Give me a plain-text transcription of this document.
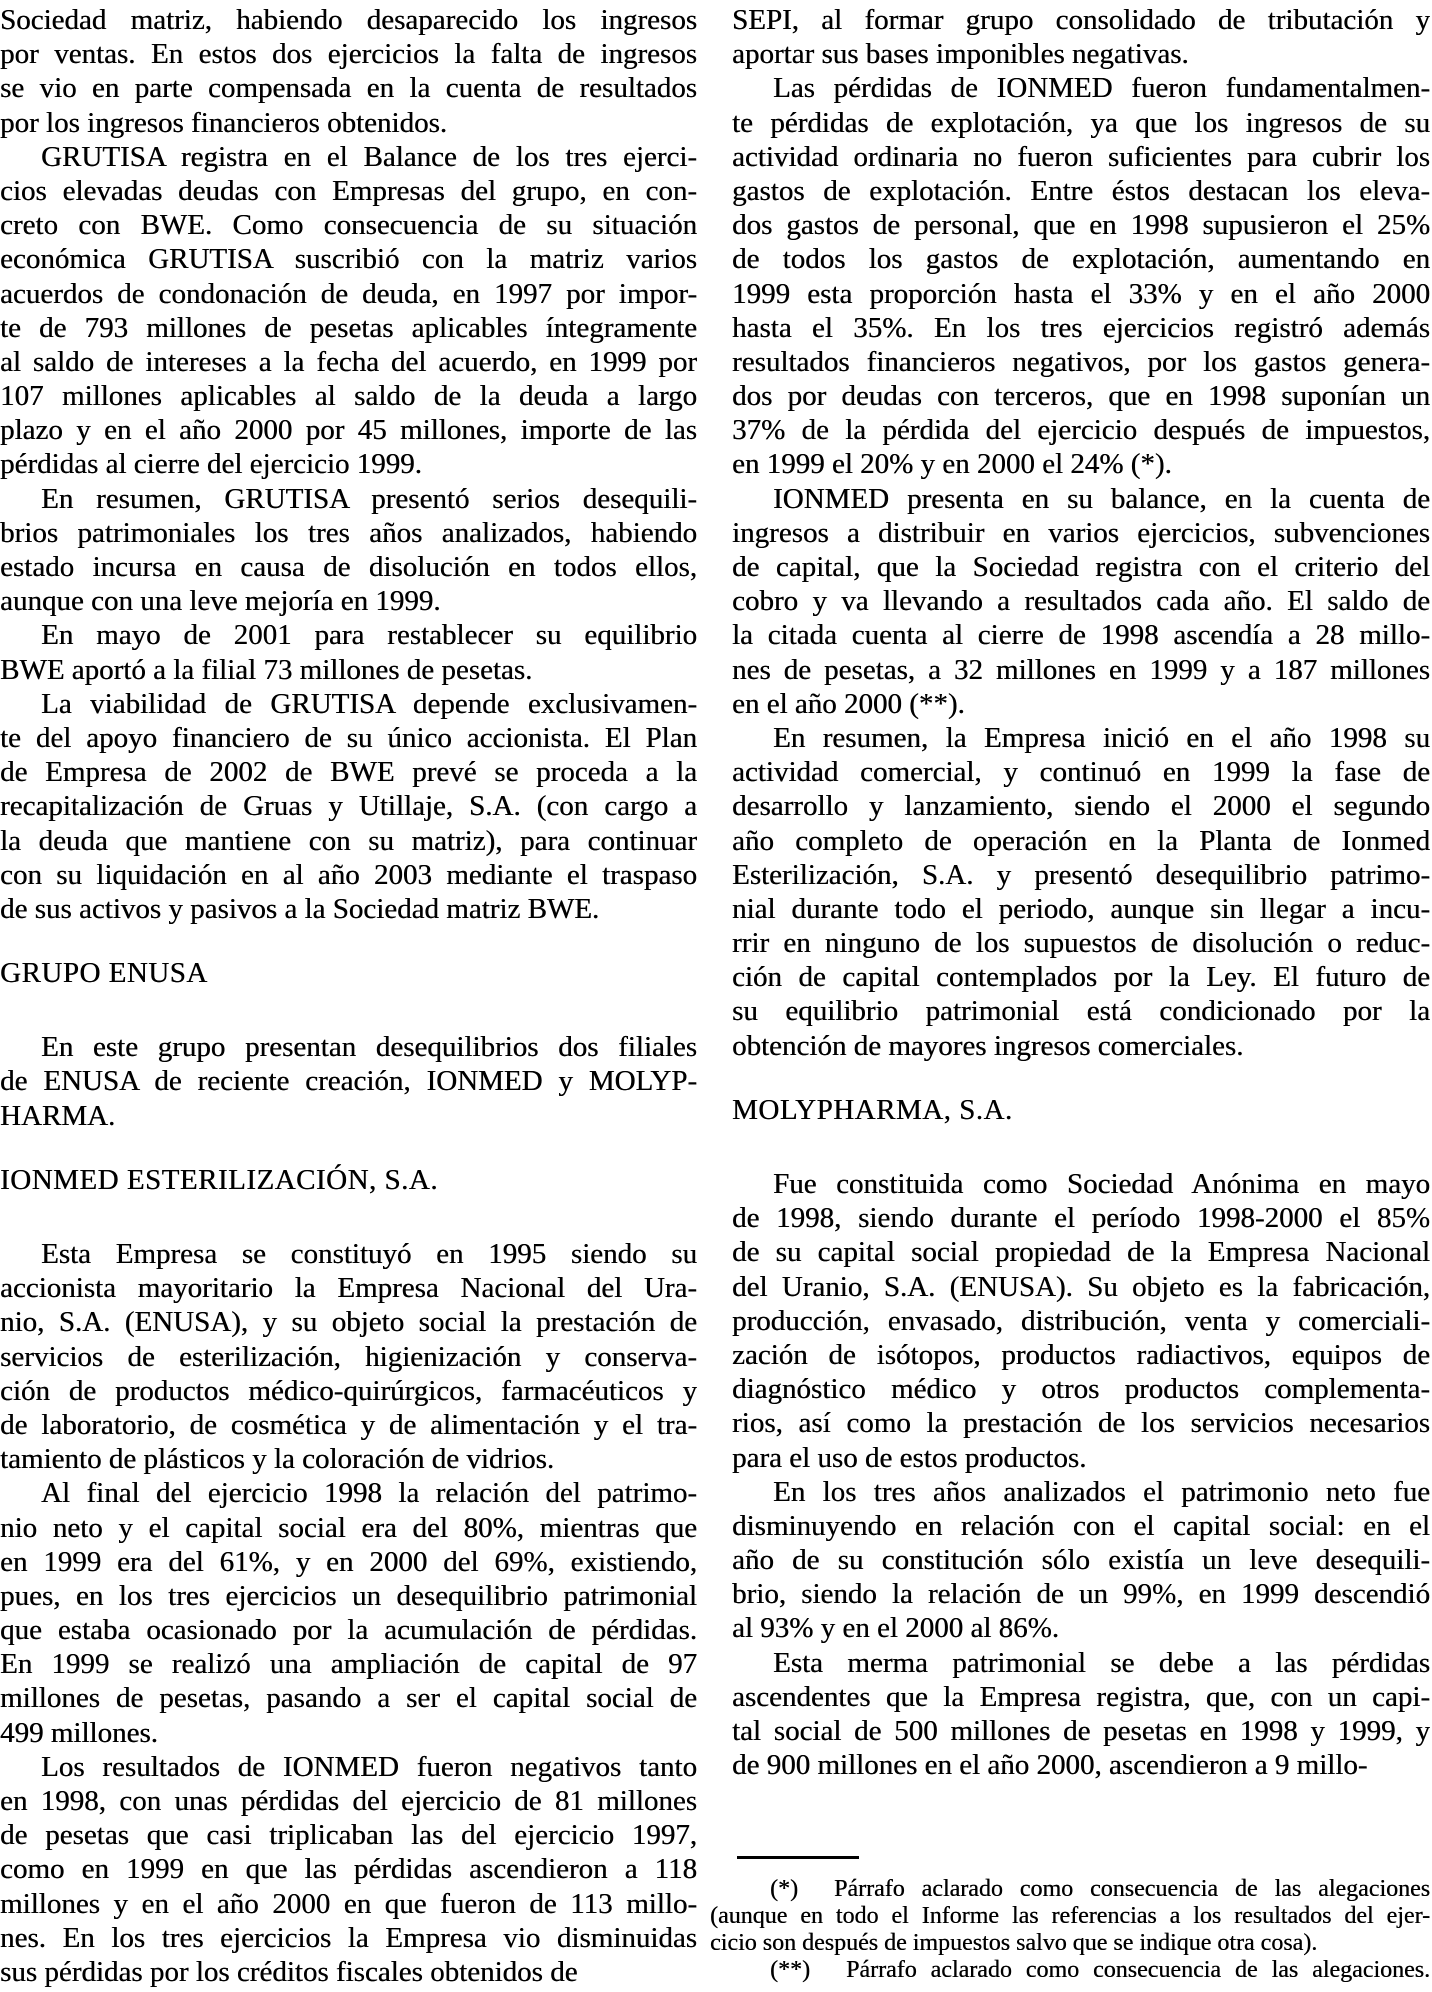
Sociedad matriz, habiendo desaparecido los ingresos
por ventas. En estos dos ejercicios la falta de ingresos
se vio en parte compensada en la cuenta de resultados
por los ingresos financieros obtenidos.
GRUTISA registra en el Balance de los tres ejerci-
cios elevadas deudas con Empresas del grupo, en con-
creto con BWE. Como consecuencia de su situación
económica GRUTISA suscribió con la matriz varios
acuerdos de condonación de deuda, en 1997 por impor-
te de 793 millones de pesetas aplicables íntegramente
al saldo de intereses a la fecha del acuerdo, en 1999 por
107 millones aplicables al saldo de la deuda a largo
plazo y en el año 2000 por 45 millones, importe de las
pérdidas al cierre del ejercicio 1999.
En resumen, GRUTISA presentó serios desequili-
brios patrimoniales los tres años analizados, habiendo
estado incursa en causa de disolución en todos ellos,
aunque con una leve mejoría en 1999.
En mayo de 2001 para restablecer su equilibrio
BWE aportó a la filial 73 millones de pesetas.
La viabilidad de GRUTISA depende exclusivamen-
te del apoyo financiero de su único accionista. El Plan
de Empresa de 2002 de BWE prevé se proceda a la
recapitalización de Gruas y Utillaje, S.A. (con cargo a
la deuda que mantiene con su matriz), para continuar
con su liquidación en al año 2003 mediante el traspaso
de sus activos y pasivos a la Sociedad matriz BWE.
GRUPO ENUSA
En este grupo presentan desequilibrios dos filiales
de ENUSA de reciente creación, IONMED y MOLYP-
HARMA.
IONMED ESTERILIZACIÓN, S.A.
Esta Empresa se constituyó en 1995 siendo su
accionista mayoritario la Empresa Nacional del Ura-
nio, S.A. (ENUSA), y su objeto social la prestación de
servicios de esterilización, higienización y conserva-
ción de productos médico-quirúrgicos, farmacéuticos y
de laboratorio, de cosmética y de alimentación y el tra-
tamiento de plásticos y la coloración de vidrios.
Al final del ejercicio 1998 la relación del patrimo-
nio neto y el capital social era del 80%, mientras que
en 1999 era del 61%, y en 2000 del 69%, existiendo,
pues, en los tres ejercicios un desequilibrio patrimonial
que estaba ocasionado por la acumulación de pérdidas.
En 1999 se realizó una ampliación de capital de 97
millones de pesetas, pasando a ser el capital social de
499 millones.
Los resultados de IONMED fueron negativos tanto
en 1998, con unas pérdidas del ejercicio de 81 millones
de pesetas que casi triplicaban las del ejercicio 1997,
como en 1999 en que las pérdidas ascendieron a 118
millones y en el año 2000 en que fueron de 113 millo-
nes. En los tres ejercicios la Empresa vio disminuidas
sus pérdidas por los créditos fiscales obtenidos de
SEPI, al formar grupo consolidado de tributación y
aportar sus bases imponibles negativas.
Las pérdidas de IONMED fueron fundamentalmen-
te pérdidas de explotación, ya que los ingresos de su
actividad ordinaria no fueron suficientes para cubrir los
gastos de explotación. Entre éstos destacan los eleva-
dos gastos de personal, que en 1998 supusieron el 25%
de todos los gastos de explotación, aumentando en
1999 esta proporción hasta el 33% y en el año 2000
hasta el 35%. En los tres ejercicios registró además
resultados financieros negativos, por los gastos genera-
dos por deudas con terceros, que en 1998 suponían un
37% de la pérdida del ejercicio después de impuestos,
en 1999 el 20% y en 2000 el 24% (*).
IONMED presenta en su balance, en la cuenta de
ingresos a distribuir en varios ejercicios, subvenciones
de capital, que la Sociedad registra con el criterio del
cobro y va llevando a resultados cada año. El saldo de
la citada cuenta al cierre de 1998 ascendía a 28 millo-
nes de pesetas, a 32 millones en 1999 y a 187 millones
en el año 2000 (**).
En resumen, la Empresa inició en el año 1998 su
actividad comercial, y continuó en 1999 la fase de
desarrollo y lanzamiento, siendo el 2000 el segundo
año completo de operación en la Planta de Ionmed
Esterilización, S.A. y presentó desequilibrio patrimo-
nial durante todo el periodo, aunque sin llegar a incu-
rrir en ninguno de los supuestos de disolución o reduc-
ción de capital contemplados por la Ley. El futuro de
su equilibrio patrimonial está condicionado por la
obtención de mayores ingresos comerciales.
MOLYPHARMA, S.A.
Fue constituida como Sociedad Anónima en mayo
de 1998, siendo durante el período 1998-2000 el 85%
de su capital social propiedad de la Empresa Nacional
del Uranio, S.A. (ENUSA). Su objeto es la fabricación,
producción, envasado, distribución, venta y comerciali-
zación de isótopos, productos radiactivos, equipos de
diagnóstico médico y otros productos complementa-
rios, así como la prestación de los servicios necesarios
para el uso de estos productos.
En los tres años analizados el patrimonio neto fue
disminuyendo en relación con el capital social: en el
año de su constitución sólo existía un leve desequili-
brio, siendo la relación de un 99%, en 1999 descendió
al 93% y en el 2000 al 86%.
Esta merma patrimonial se debe a las pérdidas
ascendentes que la Empresa registra, que, con un capi-
tal social de 500 millones de pesetas en 1998 y 1999, y
de 900 millones en el año 2000, ascendieron a 9 millo-
(*)  Párrafo aclarado como consecuencia de las alegaciones
(aunque en todo el Informe las referencias a los resultados del ejer-
cicio son después de impuestos salvo que se indique otra cosa).
(**)  Párrafo aclarado como consecuencia de las alegaciones.
